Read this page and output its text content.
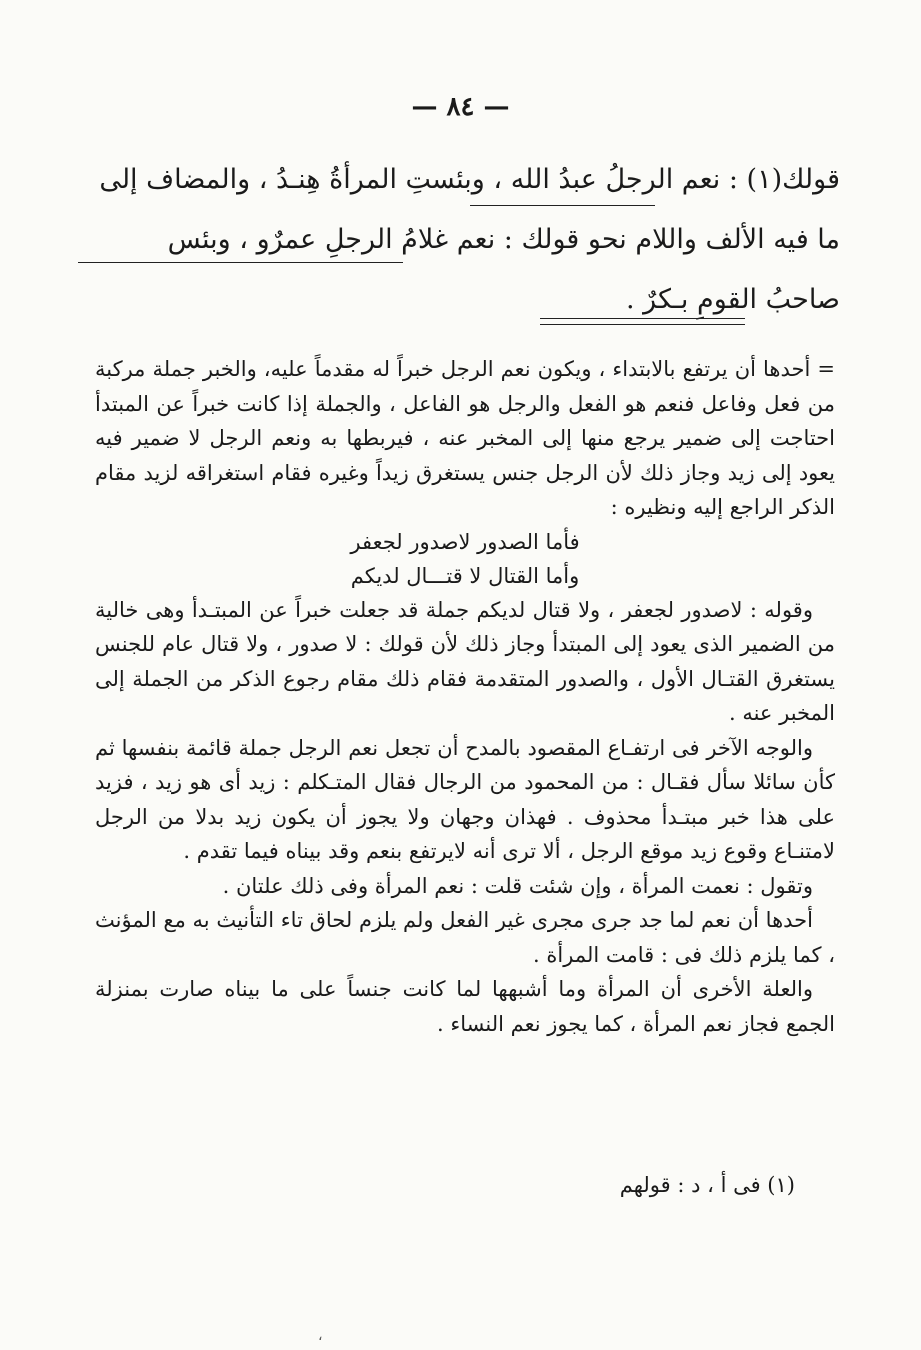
— ٨٤ —

قولك(١) : نعم الرجلُ عبدُ الله ، وبئستِ المرأةُ هِنـدُ ، والمضاف إلى

ما فيه الألف واللام نحو قولك : نعم غلامُ الرجلِ عمرٌو ، وبئس

صاحبُ القومِ بـكرٌ .

= أحدها أن يرتفع بالابتداء ، ويكون نعم الرجل خبراً له مقدماً عليه، والخبر جملة مركبة من فعل وفاعل فنعم هو الفعل والرجل هو الفاعل ، والجملة إذا كانت خبراً عن المبتدأ احتاجت إلى ضمير يرجع منها إلى المخبر عنه ، فيربطها به ونعم الرجل لا ضمير فيه يعود إلى زيد وجاز ذلك لأن الرجل جنس يستغرق زيداً وغيره فقام استغراقه لزيد مقام الذكر الراجع إليه ونظيره :

فأما الصدور لاصدور لجعفر
وأما القتال لا قتـــال لديكم

وقوله : لاصدور لجعفر ، ولا قتال لديكم جملة قد جعلت خبراً عن المبتـدأ وهى خالية من الضمير الذى يعود إلى المبتدأ وجاز ذلك لأن قولك : لا صدور ، ولا قتال عام للجنس يستغرق القتـال الأول ، والصدور المتقدمة فقام ذلك مقام رجوع الذكر من الجملة إلى المخبر عنه .

والوجه الآخر فى ارتفـاع المقصود بالمدح أن تجعل نعم الرجل جملة قائمة بنفسها ثم كأن سائلا سأل فقـال : من المحمود من الرجال فقال المتـكلم : زيد أى هو زيد ، فزيد على هذا خبر مبتـدأ محذوف . فهذان وجهان ولا يجوز أن يكون زيد بدلا من الرجل لامتنـاع وقوع زيد موقع الرجل ، ألا ترى أنه لايرتفع بنعم وقد بيناه فيما تقدم .

وتقول : نعمت المرأة ، وإن شئت قلت : نعم المرأة وفى ذلك علتان .

أحدها أن نعم لما جد جرى مجرى غير الفعل ولم يلزم لحاق تاء التأنيث به مع المؤنث ، كما يلزم ذلك فى : قامت المرأة .

والعلة الأخرى أن المرأة وما أشبهها لما كانت جنساً على ما بيناه صارت بمنزلة الجمع فجاز نعم المرأة ، كما يجوز نعم النساء .

(١) فى أ ، د : قولهم
،
